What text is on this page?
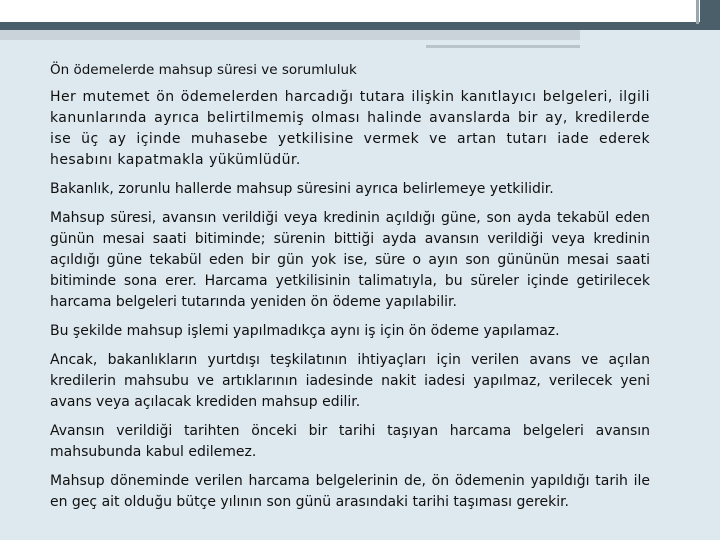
Ön ödemelerde mahsup süresi ve sorumluluk

Her mutemet ön ödemelerden harcadığı tutara ilişkin kanıtlayıcı belgeleri, ilgili kanunlarında ayrıca belirtilmemiş olması halinde avanslarda bir ay, kredilerde ise üç ay içinde muhasebe yetkilisine vermek ve artan tutarı iade ederek hesabını kapatmakla yükümlüdür.

Bakanlık, zorunlu hallerde mahsup süresini ayrıca belirlemeye yetkilidir.

Mahsup süresi, avansın verildiği veya kredinin açıldığı güne, son ayda tekabül eden günün mesai saati bitiminde; sürenin bittiği ayda avansın verildiği veya kredinin açıldığı güne tekabül eden bir gün yok ise, süre o ayın son gününün mesai saati bitiminde sona erer. Harcama yetkilisinin talimatıyla, bu süreler içinde getirilecek harcama belgeleri tutarında yeniden ön ödeme yapılabilir.

Bu şekilde mahsup işlemi yapılmadıkça aynı iş için ön ödeme yapılamaz.

Ancak, bakanlıkların yurtdışı teşkilatının ihtiyaçları için verilen avans ve açılan kredilerin mahsubu ve artıklarının iadesinde nakit iadesi yapılmaz, verilecek yeni avans veya açılacak krediden mahsup edilir.

Avansın verildiği tarihten önceki bir tarihi taşıyan harcama belgeleri avansın mahsubunda kabul edilemez.

Mahsup döneminde verilen harcama belgelerinin de, ön ödemenin yapıldığı tarih ile en geç ait olduğu bütçe yılının son günü arasındaki tarihi taşıması gerekir.
